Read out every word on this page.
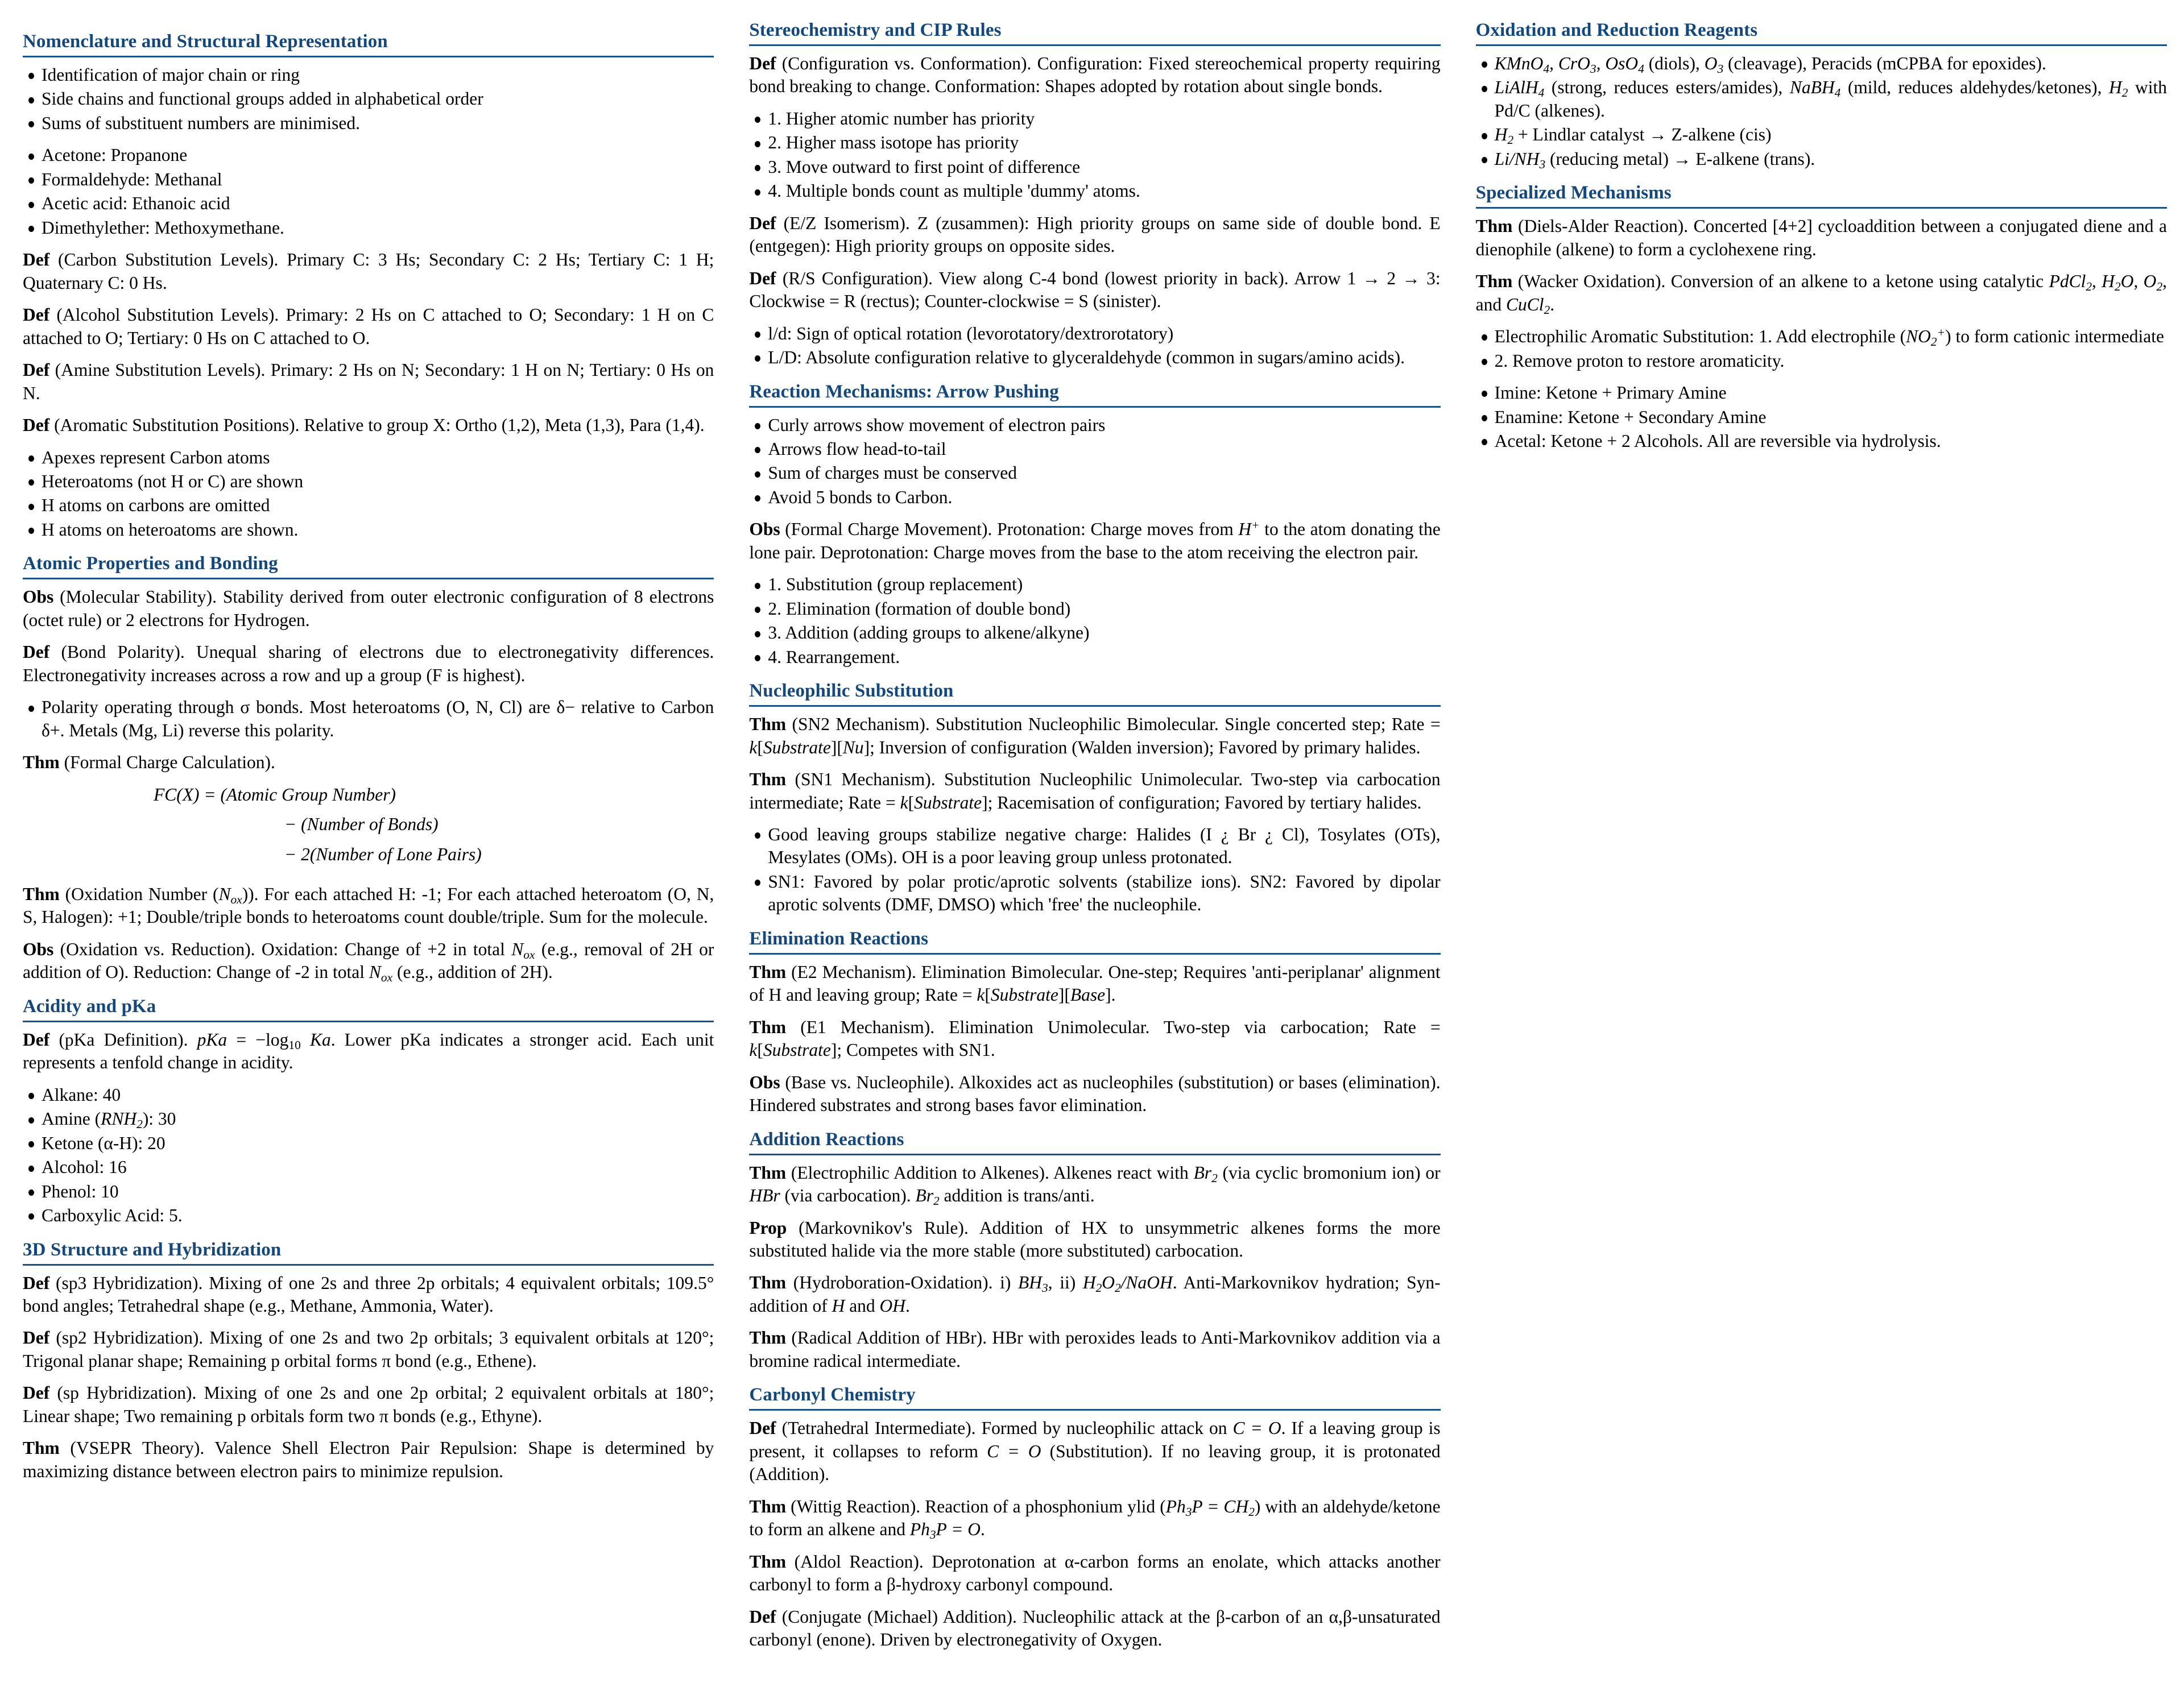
Nomenclature and Structural Representation
Identification of major chain or ring
Side chains and functional groups added in alphabetical order
Sums of substituent numbers are minimised.
Acetone: Propanone
Formaldehyde: Methanal
Acetic acid: Ethanoic acid
Dimethylether: Methoxymethane.

Def (Carbon Substitution Levels). Primary C: 3 Hs; Secondary C: 2 Hs; Tertiary C: 1 H; Quaternary C: 0 Hs.

Def (Alcohol Substitution Levels). Primary: 2 Hs on C attached to O; Secondary: 1 H on C attached to O; Tertiary: 0 Hs on C attached to O.

Def (Amine Substitution Levels). Primary: 2 Hs on N; Secondary: 1 H on N; Tertiary: 0 Hs on N.

Def (Aromatic Substitution Positions). Relative to group X: Ortho (1,2), Meta (1,3), Para (1,4).

Apexes represent Carbon atoms
Heteroatoms (not H or C) are shown
H atoms on carbons are omitted
H atoms on heteroatoms are shown.
Atomic Properties and Bonding

Obs (Molecular Stability). Stability derived from outer electronic configuration of 8 electrons (octet rule) or 2 electrons for Hydrogen.

Def (Bond Polarity). Unequal sharing of electrons due to electronegativity differences. Electronegativity increases across a row and up a group (F is highest).

Polarity operating through σ bonds. Most heteroatoms (O, N, Cl) are δ− relative to Carbon δ+. Metals (Mg, Li) reverse this polarity.

Thm (Formal Charge Calculation).

FC(X) = (Atomic Group Number)
− (Number of Bonds)
− 2(Number of Lone Pairs)

Thm (Oxidation Number $(N_{ox})$). For each attached H: -1; For each attached heteroatom (O, N, S, Halogen): +1; Double/triple bonds to heteroatoms count double/triple. Sum for the molecule.

Obs (Oxidation vs. Reduction). Oxidation: Change of +2 in total $N_{ox}$ (e.g., removal of 2H or addition of O). Reduction: Change of -2 in total $N_{ox}$ (e.g., addition of 2H).

Acidity and pKa

Def (pKa Definition). pKa = $-\log_{10}$ Ka. Lower pKa indicates a stronger acid. Each unit represents a tenfold change in acidity.

Alkane: 40
Amine $(RNH_2)$: 30
Ketone (α-H): 20
Alcohol: 16
Phenol: 10
Carboxylic Acid: 5.
3D Structure and Hybridization

Def (sp3 Hybridization). Mixing of one 2s and three 2p orbitals; 4 equivalent orbitals; 109.5° bond angles; Tetrahedral shape (e.g., Methane, Ammonia, Water).

Def (sp2 Hybridization). Mixing of one 2s and two 2p orbitals; 3 equivalent orbitals at 120°; Trigonal planar shape; Remaining p orbital forms π bond (e.g., Ethene).

Def (sp Hybridization). Mixing of one 2s and one 2p orbital; 2 equivalent orbitals at 180°; Linear shape; Two remaining p orbitals form two π bonds (e.g., Ethyne).

Thm (VSEPR Theory). Valence Shell Electron Pair Repulsion: Shape is determined by maximizing distance between electron pairs to minimize repulsion.

Stereochemistry and CIP Rules

Def (Configuration vs. Conformation). Configuration: Fixed stereochemical property requiring bond breaking to change. Conformation: Shapes adopted by rotation about single bonds.

1. Higher atomic number has priority
2. Higher mass isotope has priority
3. Move outward to first point of difference
4. Multiple bonds count as multiple 'dummy' atoms.

Def (E/Z Isomerism). Z (zusammen): High priority groups on same side of double bond. E (entgegen): High priority groups on opposite sides.

Def (R/S Configuration). View along C-4 bond (lowest priority in back). Arrow 1 → 2 → 3: Clockwise = R (rectus); Counter-clockwise = S (sinister).

l/d: Sign of optical rotation (levorotatory/dextrorotatory)
L/D: Absolute configuration relative to glyceraldehyde (common in sugars/amino acids).
Reaction Mechanisms: Arrow Pushing
Curly arrows show movement of electron pairs
Arrows flow head-to-tail
Sum of charges must be conserved
Avoid 5 bonds to Carbon.

Obs (Formal Charge Movement). Protonation: Charge moves from H+ to the atom donating the lone pair. Deprotonation: Charge moves from the base to the atom receiving the electron pair.

1. Substitution (group replacement)
2. Elimination (formation of double bond)
3. Addition (adding groups to alkene/alkyne)
4. Rearrangement.
Nucleophilic Substitution

Thm (SN2 Mechanism). Substitution Nucleophilic Bimolecular. Single concerted step; Rate = k[Substrate][Nu]; Inversion of configuration (Walden inversion); Favored by primary halides.

Thm (SN1 Mechanism). Substitution Nucleophilic Unimolecular. Two-step via carbocation intermediate; Rate = k[Substrate]; Racemisation of configuration; Favored by tertiary halides.

Good leaving groups stabilize negative charge: Halides (I ¿ Br ¿ Cl), Tosylates (OTs), Mesylates (OMs). OH is a poor leaving group unless protonated.
SN1: Favored by polar protic/aprotic solvents (stabilize ions). SN2: Favored by dipolar aprotic solvents (DMF, DMSO) which 'free' the nucleophile.
Elimination Reactions

Thm (E2 Mechanism). Elimination Bimolecular. One-step; Requires 'anti-periplanar' alignment of H and leaving group; Rate = k[Substrate][Base].

Thm (E1 Mechanism). Elimination Unimolecular. Two-step via carbocation; Rate = k[Substrate]; Competes with SN1.

Obs (Base vs. Nucleophile). Alkoxides act as nucleophiles (substitution) or bases (elimination). Hindered substrates and strong bases favor elimination.

Addition Reactions

Thm (Electrophilic Addition to Alkenes). Alkenes react with $Br_2$ (via cyclic bromonium ion) or HBr (via carbocation). $Br_2$ addition is trans/anti.

Prop (Markovnikov's Rule). Addition of HX to unsymmetric alkenes forms the more substituted halide via the more stable (more substituted) carbocation.

Thm (Hydroboration-Oxidation). i) $BH_3$, ii) $H_2O_2$/NaOH. Anti-Markovnikov hydration; Syn-addition of H and OH.

Thm (Radical Addition of HBr). HBr with peroxides leads to Anti-Markovnikov addition via a bromine radical intermediate.

Carbonyl Chemistry

Def (Tetrahedral Intermediate). Formed by nucleophilic attack on C = O. If a leaving group is present, it collapses to reform C = O (Substitution). If no leaving group, it is protonated (Addition).

Thm (Wittig Reaction). Reaction of a phosphonium ylid $(Ph_3P = CH_2)$ with an aldehyde/ketone to form an alkene and $Ph_3P = O$.

Thm (Aldol Reaction). Deprotonation at α-carbon forms an enolate, which attacks another carbonyl to form a β-hydroxy carbonyl compound.

Def (Conjugate (Michael) Addition). Nucleophilic attack at the β-carbon of an α,β-unsaturated carbonyl (enone). Driven by electronegativity of Oxygen.

Oxidation and Reduction Reagents
KMnO$_4$, CrO$_3$, OsO$_4$ (diols), $O_3$ (cleavage), Peracids (mCPBA for epoxides).
LiAlH$_4$ (strong, reduces esters/amides), NaBH$_4$ (mild, reduces aldehydes/ketones), $H_2$ with Pd/C (alkenes).
$H_2$ + Lindlar catalyst → Z-alkene (cis)
$Li/NH_3$ (reducing metal) → E-alkene (trans).
Specialized Mechanisms

Thm (Diels-Alder Reaction). Concerted [4+2] cycloaddition between a conjugated diene and a dienophile (alkene) to form a cyclohexene ring.

Thm (Wacker Oxidation). Conversion of an alkene to a ketone using catalytic PdCl$_2$, $H_2O$, $O_2$, and CuCl$_2$.

Electrophilic Aromatic Substitution: 1. Add electrophile $(NO_2^+)$ to form cationic intermediate
2. Remove proton to restore aromaticity.
Imine: Ketone + Primary Amine
Enamine: Ketone + Secondary Amine
Acetal: Ketone + 2 Alcohols. All are reversible via hydrolysis.
